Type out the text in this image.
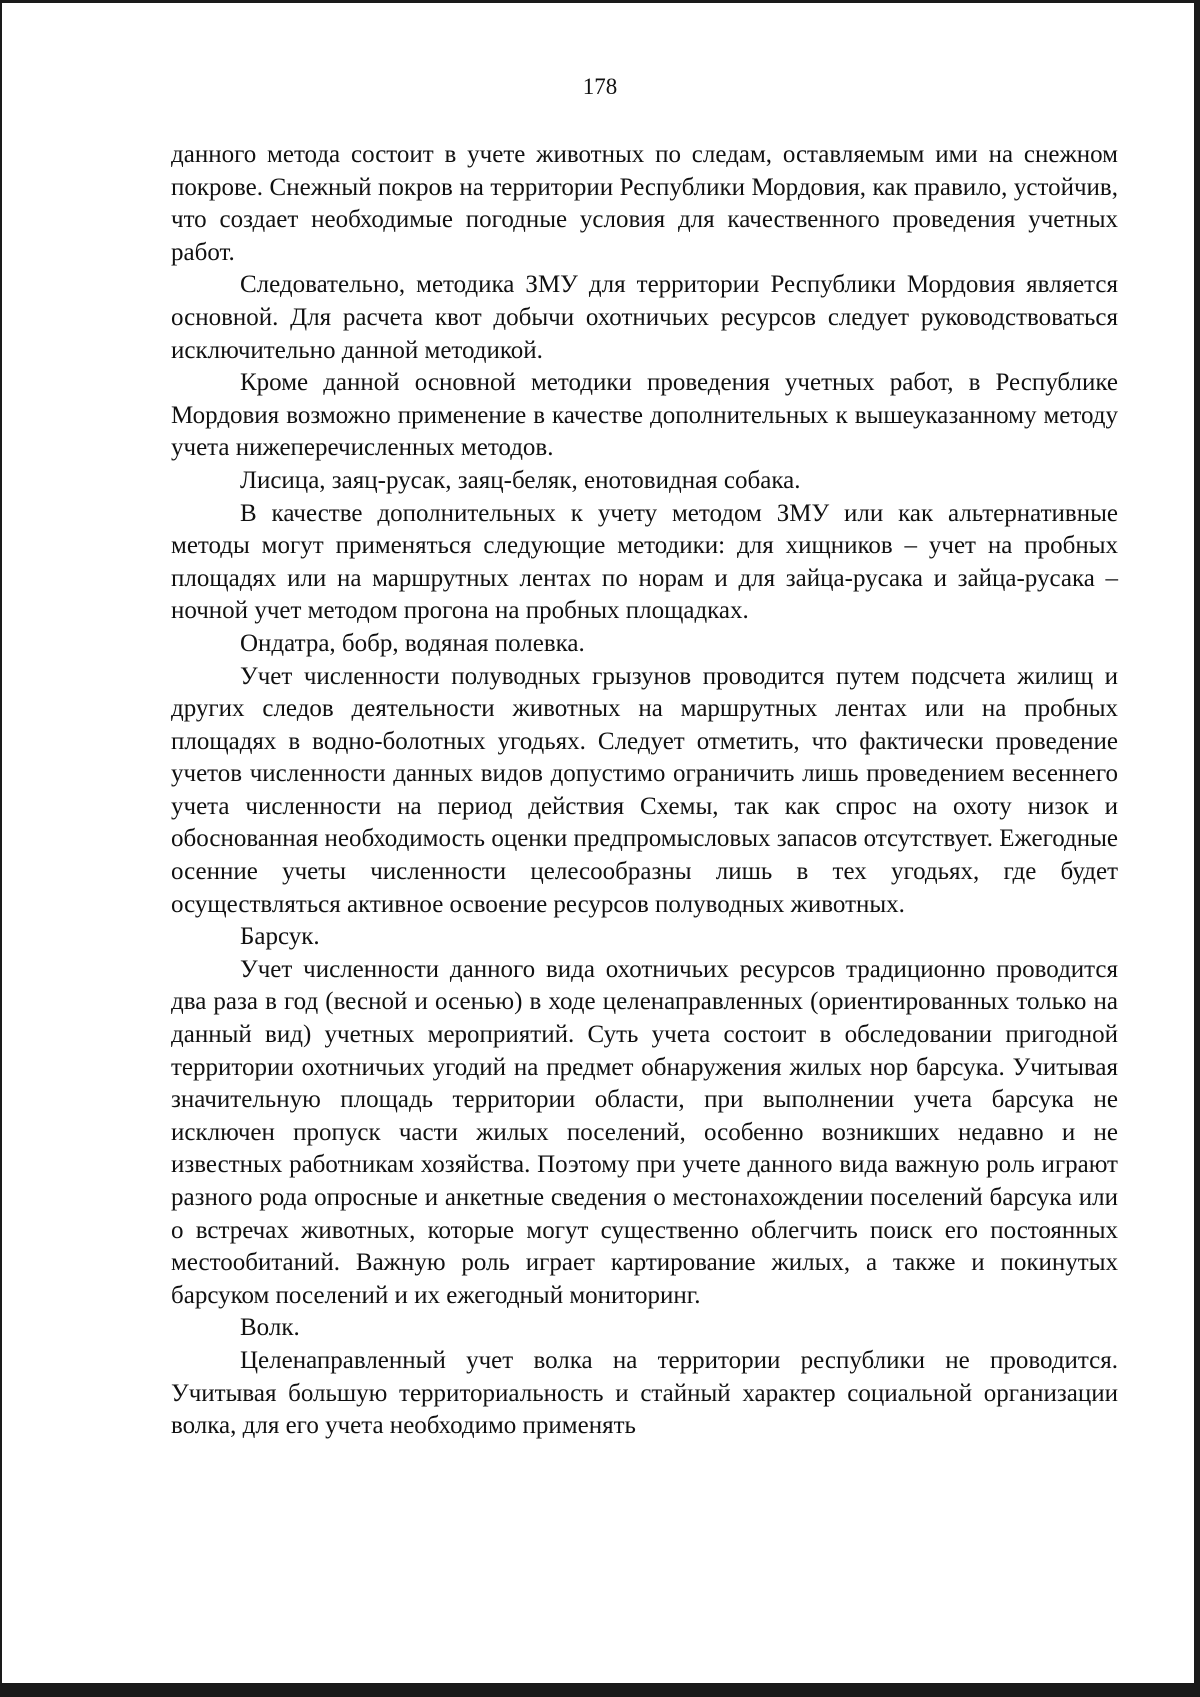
178

данного метода состоит в учете животных по следам, оставляемым ими на снежном покрове. Снежный покров на территории Республики Мордовия, как правило, устойчив, что создает необходимые погодные условия для качественного проведения учетных работ.

Следовательно, методика ЗМУ для территории Республики Мордовия является основной. Для расчета квот добычи охотничьих ресурсов следует руководствоваться исключительно данной методикой.

Кроме данной основной методики проведения учетных работ, в Республике Мордовия возможно применение в качестве дополнительных к вышеуказанному методу учета нижеперечисленных методов.

Лисица, заяц-русак, заяц-беляк, енотовидная собака.

В качестве дополнительных к учету методом ЗМУ или как альтернативные методы могут применяться следующие методики: для хищников – учет на пробных площадях или на маршрутных лентах по норам и для зайца-русака и зайца-русака – ночной учет методом прогона на пробных площадках.

Ондатра, бобр, водяная полевка.

Учет численности полуводных грызунов проводится путем подсчета жилищ и других следов деятельности животных на маршрутных лентах или на пробных площадях в водно-болотных угодьях. Следует отметить, что фактически проведение учетов численности данных видов допустимо ограничить лишь проведением весеннего учета численности на период действия Схемы, так как спрос на охоту низок и обоснованная необходимость оценки предпромысловых запасов отсутствует. Ежегодные осенние учеты численности целесообразны лишь в тех угодьях, где будет осуществляться активное освоение ресурсов полуводных животных.

Барсук.

Учет численности данного вида охотничьих ресурсов традиционно проводится два раза в год (весной и осенью) в ходе целенаправленных (ориентированных только на данный вид) учетных мероприятий. Суть учета состоит в обследовании пригодной территории охотничьих угодий на предмет обнаружения жилых нор барсука. Учитывая значительную площадь территории области, при выполнении учета барсука не исключен пропуск части жилых поселений, особенно возникших недавно и не известных работникам хозяйства. Поэтому при учете данного вида важную роль играют разного рода опросные и анкетные сведения о местонахождении поселений барсука или о встречах животных, которые могут существенно облегчить поиск его постоянных местообитаний. Важную роль играет картирование жилых, а также и покинутых барсуком поселений и их ежегодный мониторинг.

Волк.

Целенаправленный учет волка на территории республики не проводится. Учитывая большую территориальность и стайный характер социальной организации волка, для его учета необходимо применять
